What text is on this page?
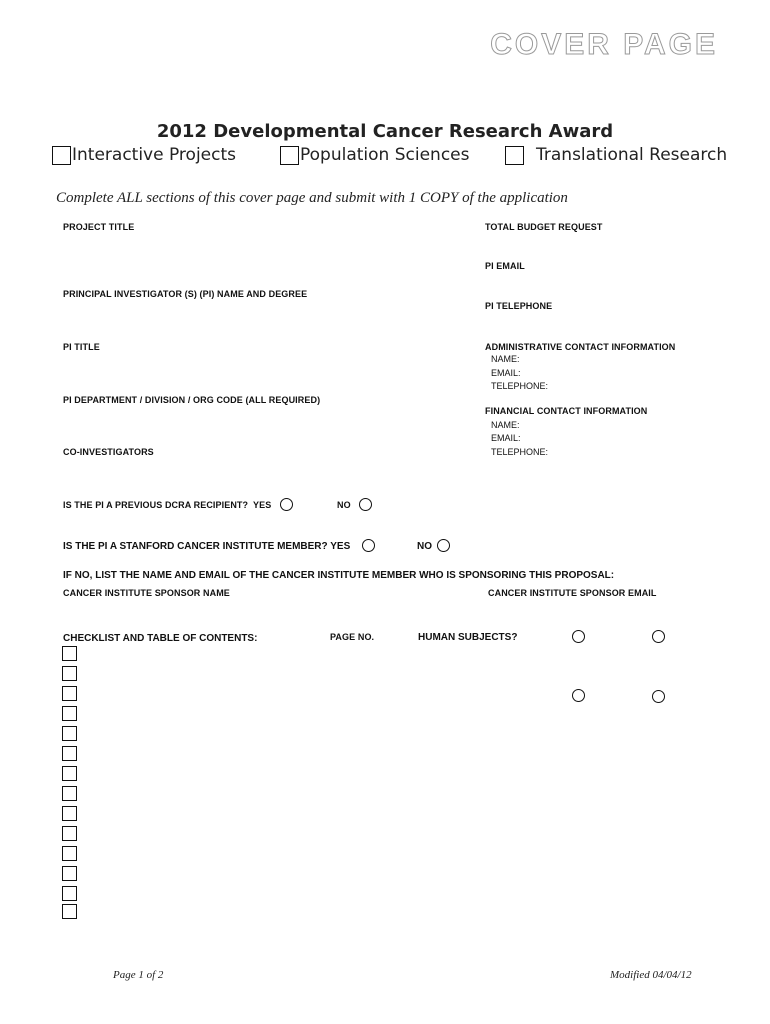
COVER PAGE
2012 Developmental Cancer Research Award
Interactive Projects	Population Sciences	Translational Research
Complete ALL sections of this cover page and submit with 1 COPY of the application
PROJECT TITLE
PRINCIPAL INVESTIGATOR (S) (PI) NAME AND DEGREE
PI TITLE
PI DEPARTMENT / DIVISION / ORG CODE (ALL REQUIRED)
CO-INVESTIGATORS
TOTAL BUDGET REQUEST
PI EMAIL
PI TELEPHONE
ADMINISTRATIVE CONTACT INFORMATION
NAME:
EMAIL:
TELEPHONE:
FINANCIAL CONTACT INFORMATION
NAME:
EMAIL:
TELEPHONE:
IS THE PI A PREVIOUS DCRA RECIPIENT? YES	NO
IS THE PI A STANFORD CANCER INSTITUTE MEMBER? YES	NO
IF NO, LIST THE NAME AND EMAIL OF THE CANCER INSTITUTE MEMBER WHO IS SPONSORING THIS PROPOSAL:
CANCER INSTITUTE SPONSOR NAME	CANCER INSTITUTE SPONSOR EMAIL
CHECKLIST AND TABLE OF CONTENTS:	PAGE NO.	HUMAN SUBJECTS?
Page 1 of 2	Modified 04/04/12
